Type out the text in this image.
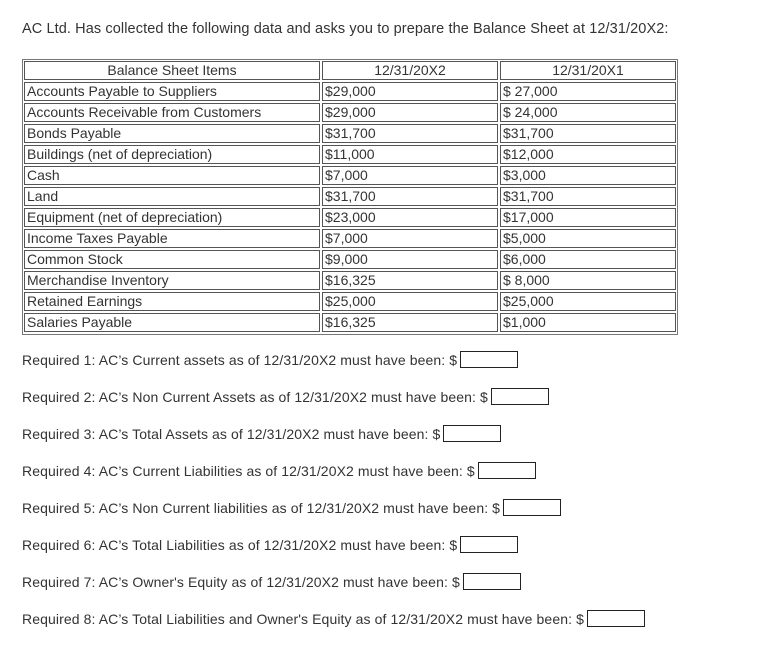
AC Ltd. Has collected the following data and asks you to prepare the Balance Sheet at 12/31/20X2:
Balance Sheet Items	12/31/20X2	12/31/20X1
Accounts Payable to Suppliers	$29,000	$ 27,000
Accounts Receivable from Customers	$29,000	$ 24,000
Bonds Payable	$31,700	$31,700
Buildings (net of depreciation)	$11,000	$12,000
Cash	$7,000	$3,000
Land	$31,700	$31,700
Equipment (net of depreciation)	$23,000	$17,000
Income Taxes Payable	$7,000	$5,000
Common Stock	$9,000	$6,000
Merchandise Inventory	$16,325	$ 8,000
Retained Earnings	$25,000	$25,000
Salaries Payable	$16,325	$1,000
Required 1: AC’s Current assets as of 12/31/20X2 must have been: $
Required 2: AC’s Non Current Assets as of 12/31/20X2 must have been: $
Required 3: AC’s Total Assets as of 12/31/20X2 must have been: $
Required 4: AC’s Current Liabilities as of 12/31/20X2 must have been: $
Required 5: AC’s Non Current liabilities as of 12/31/20X2 must have been: $
Required 6: AC’s Total Liabilities as of 12/31/20X2 must have been: $
Required 7: AC’s Owner's Equity as of 12/31/20X2 must have been: $
Required 8: AC’s Total Liabilities and Owner's Equity as of 12/31/20X2 must have been: $
